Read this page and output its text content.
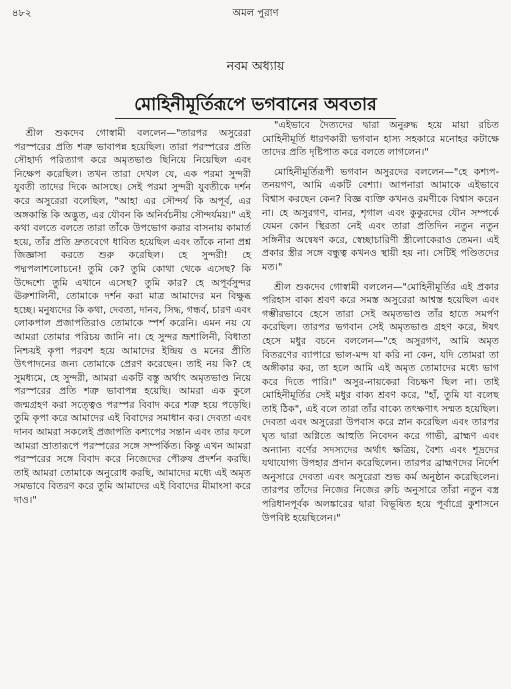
৪৮২	অমল পুরাণ
নবম অধ্যায়
মোহিনীমূর্তিরূপে ভগবানের অবতার

শ্রীল শুকদেব গোস্বামী বললেন—"তারপর অসুরেরা পরস্পরের প্রতি শত্রু ভাবাপন্ন হয়েছিল। তারা পরস্পরের প্রতি সৌহার্দ্য পরিত্যাগ করে অমৃতভাণ্ড ছিনিয়ে নিয়েছিল এবং নিক্ষেপ করেছিল। তখন তারা দেখল যে, এক পরমা সুন্দরী যুবতী তাদের দিকে আসছে। সেই পরমা সুন্দরী যুবতীকে দর্শন করে অসুরেরা বলেছিল, "আহা এর সৌন্দর্য কি অপূর্ব, এর অঙ্গকান্তি কি অদ্ভুত, এর যৌবন কি অনির্বচনীয় সৌন্দর্যময়।" এই কথা বলতে বলতে তারা তাঁকে উপভোগ করার বাসনায় কামার্ত হয়ে, তাঁর প্রতি দ্রুতবেগে ধাবিত হয়েছিল এবং তাঁকে নানা প্রশ্ন জিজ্ঞাসা করতে শুরু করেছিল। হে সুন্দরী! হে পদ্মপলাশলোচনে! তুমি কে? তুমি কোথা থেকে এসেছ? কি উদ্দেশ্যে তুমি এখানে এসেছ? তুমি কার? হে অপূর্বসুন্দর ঊরুশালিনী, তোমাকে দর্শন করা মাত্র আমাদের মন বিক্ষুব্ধ হচ্ছে। মনুষ্যদের কি কথা, দেবতা, দানব, সিদ্ধ, গন্ধর্ব, চারণ এবং লোকপাল প্রজাপতিরাও তোমাকে স্পর্শ করেনি। এমন নয় যে আমরা তোমার পরিচয় জানি না। হে সুন্দর ভ্রূশালিনী, বিধাতা নিশ্চয়ই কৃপা পরবশ হয়ে আমাদের ইন্দ্রিয় ও মনের প্রীতি উৎপাদনের জন্য তোমাকে প্রেরণ করেছেন। তাই নয় কি? হে সুমধ্যমে, হে সুন্দরী, আমরা একটি বস্তু অর্থাৎ অমৃতভাণ্ড নিয়ে পরস্পরের প্রতি শত্রু ভাবাপন্ন হয়েছি। আমরা এক কুলে জন্মগ্রহণ করা সত্ত্বেও পরস্পর বিবাদ করে শত্রু হয়ে পড়েছি। তুমি কৃপা করে আমাদের এই বিবাদের সমাধান কর। দেবতা এবং দানব আমরা সকলেই প্রজাপতি কশ্যপের সন্তান এবং তার ফলে আমরা ভ্রাতারূপে পরস্পরের সঙ্গে সম্পর্কিত। কিন্তু এখন আমরা পরস্পরের সঙ্গে বিবাদ করে নিজেদের পৌরুষ প্রদর্শন করছি। তাই আমরা তোমাকে অনুরোধ করছি, আমাদের মধ্যে এই অমৃত সমভাবে বিতরণ করে তুমি আমাদের এই বিবাদের মীমাংসা করে দাও।"

"এইভাবে দৈত্যদের দ্বারা অনুরুদ্ধ হয়ে মায়া রচিত মোহিনীমূর্তি ধারণকারী ভগবান হাস্য সহকারে মনোহর কটাক্ষে তাদের প্রতি দৃষ্টিপাত করে বলতে লাগলেন।"

মোহিনীমূর্তিরূপী ভগবান অসুরদের বললেন—"হে কশ্যপ-তনয়গণ, আমি একটি বেশ্যা। আপনারা আমাকে এইভাবে বিশ্বাস করছেন কেন? বিজ্ঞ ব্যক্তি কখনও রমণীকে বিশ্বাস করেন না। হে অসুরগণ, বানর, শৃগাল এবং কুকুরদের যৌন সম্পর্কে যেমন কোন স্থিরতা নেই এবং তারা প্রতিদিন নতুন নতুন সঙ্গিনীর অন্বেষণ করে, স্বেচ্ছাচারিণী স্ত্রীলোকেরাও তেমন। এই প্রকার স্ত্রীর সঙ্গে বন্ধুত্ব কখনও স্থায়ী হয় না। সেটিই পণ্ডিতদের মত।"

শ্রীল শুকদেব গোস্বামী বললেন—"মোহিনীমূর্তির এই প্রকার পরিহাস বাক্য শ্রবণ করে সমস্ত অসুরেরা আশ্বস্ত হয়েছিল এবং গম্ভীরভাবে হেসে তারা সেই অমৃতভাণ্ড তাঁর হাতে সমর্পণ করেছিল। তারপর ভগবান সেই অমৃতভাণ্ড গ্রহণ করে, ঈষৎ হেসে মধুর বচনে বললেন—"হে অসুরগণ, আমি অমৃত বিতরণের ব্যাপারে ভাল-মন্দ যা করি না কেন, যদি তোমরা তা অঙ্গীকার কর, তা হলে আমি এই অমৃত তোমাদের মধ্যে ভাগ করে দিতে পারি।" অসুর-নায়কেরা বিচক্ষণ ছিল না। তাই মোহিনীমূর্তির সেই মধুর বাক্য শ্রবণ করে, "হাঁ, তুমি যা বলেছ তাই ঠিক", এই বলে তারা তাঁর বাক্যে তৎক্ষণাৎ সম্মত হয়েছিল। দেবতা এবং অসুরেরা উপবাস করে স্নান করেছিল এবং তারপর ঘৃত দ্বারা অগ্নিতে আহুতি নিবেদন করে গাভী, ব্রাহ্মণ এবং অন্যান্য বর্ণের সদস্যদের অর্থাৎ ক্ষত্রিয়, বৈশ্য এবং শূদ্রদের যথাযোগ্য উপহার প্রদান করেছিলেন। তারপর ব্রাহ্মণদের নির্দেশ অনুসারে দেবতা এবং অসুরেরা শুভ কর্ম অনুষ্ঠান করেছিলেন। তারপর তাঁদের নিজের নিজের রুচি অনুসারে তাঁরা নতুন বস্ত্র পরিধানপূর্বক অলঙ্কারের দ্বারা বিভূষিত হয়ে পূর্বাগ্রে কুশাসনে উপবিষ্ট হয়েছিলেন।"
